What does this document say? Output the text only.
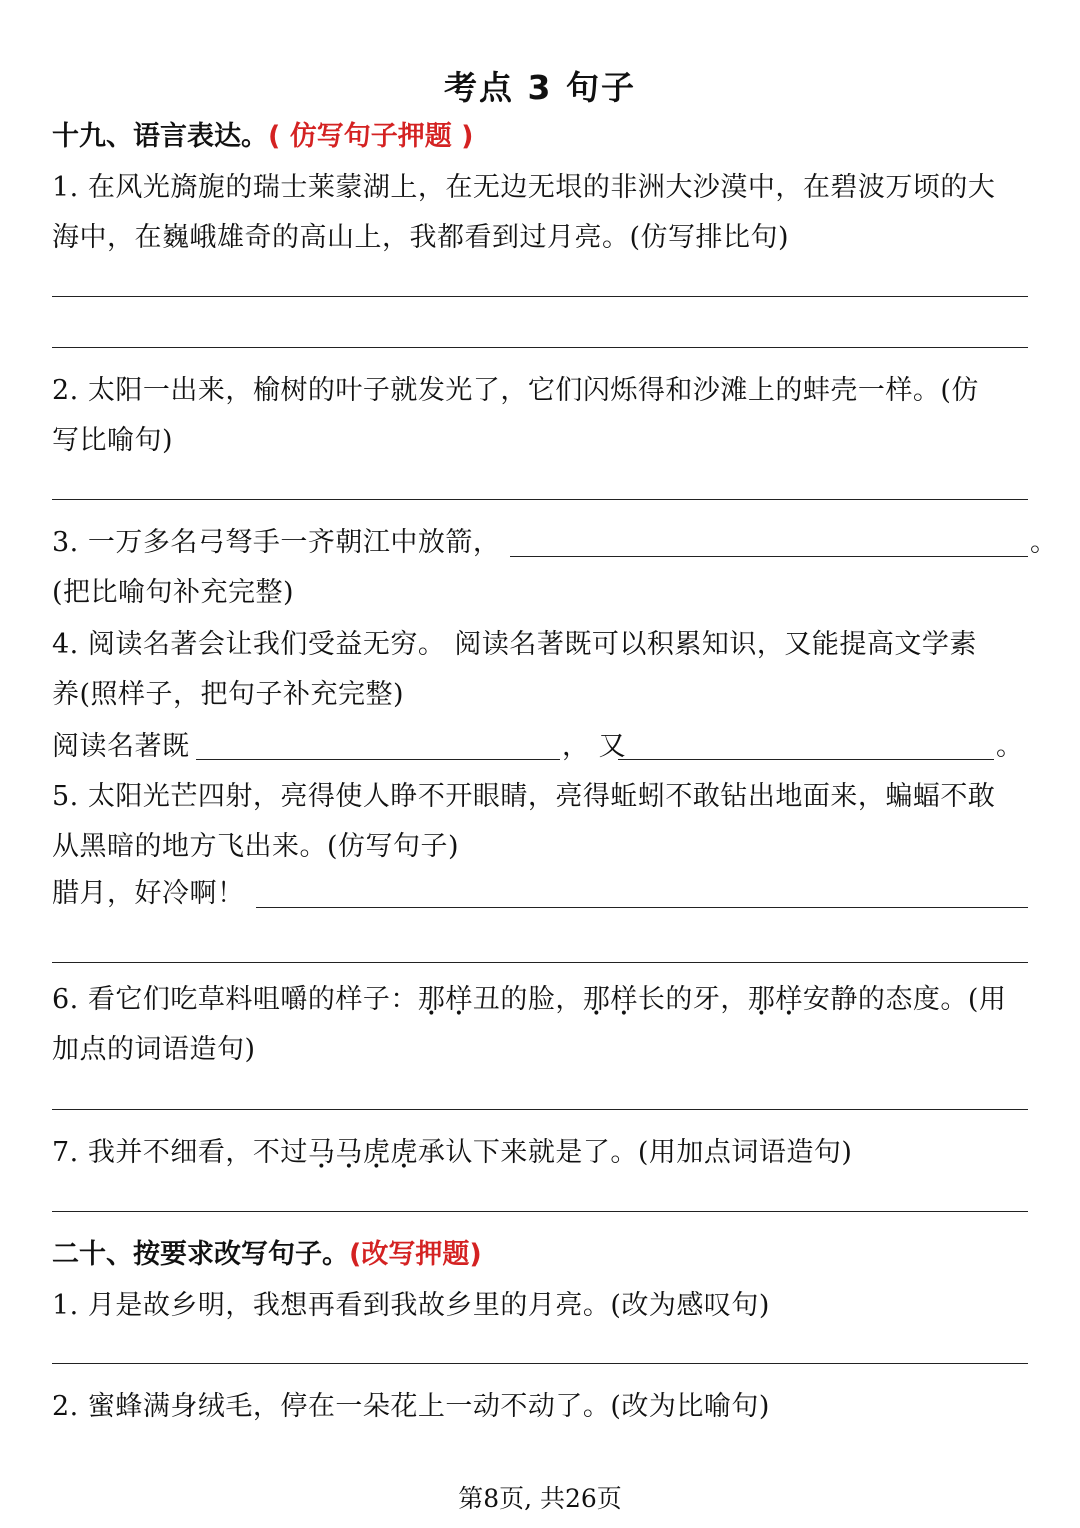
考点 3 句子
十九、语言表达。( 仿写句子押题 )
1. 在风光旖旎的瑞士莱蒙湖上，在无边无垠的非洲大沙漠中，在碧波万顷的大
海中，在巍峨雄奇的高山上，我都看到过月亮。(仿写排比句)
2. 太阳一出来，榆树的叶子就发光了，它们闪烁得和沙滩上的蚌壳一样。(仿
写比喻句)
3. 一万多名弓弩手一齐朝江中放箭，	。
(把比喻句补充完整)
4. 阅读名著会让我们受益无穷。 阅读名著既可以积累知识，又能提高文学素
养(照样子，把句子补充完整)
阅读名著既	， 又	。
5. 太阳光芒四射，亮得使人睁不开眼睛，亮得蚯蚓不敢钻出地面来，蝙蝠不敢
从黑暗的地方飞出来。(仿写句子)
腊月，好冷啊！
6. 看它们吃草料咀嚼的样子：那样丑的脸，那样长的牙，那样安静的态度。(用
加点的词语造句)
7. 我并不细看，不过马马虎虎承认下来就是了。(用加点词语造句)
二十、按要求改写句子。(改写押题)
1. 月是故乡明，我想再看到我故乡里的月亮。(改为感叹句)
2. 蜜蜂满身绒毛，停在一朵花上一动不动了。(改为比喻句)
第8页, 共26页
